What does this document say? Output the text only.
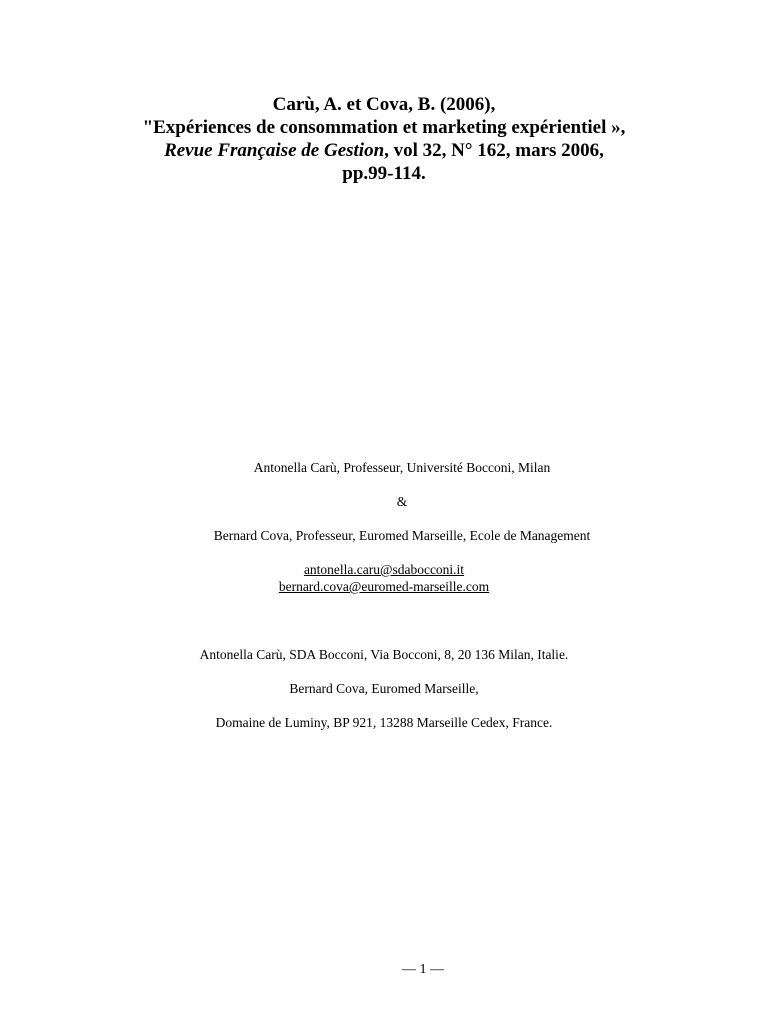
Carù, A. et Cova, B. (2006),
"Expériences de consommation et marketing expérientiel »,
Revue Française de Gestion, vol 32, N° 162, mars 2006,
pp.99-114.
Antonella Carù, Professeur, Université Bocconi, Milan
&
Bernard Cova, Professeur, Euromed Marseille, Ecole de Management
antonella.caru@sdabocconi.it
bernard.cova@euromed-marseille.com
Antonella Carù, SDA Bocconi, Via Bocconi, 8, 20 136 Milan, Italie.
Bernard Cova, Euromed Marseille,
Domaine de Luminy, BP 921, 13288 Marseille Cedex, France.
— 1 —
